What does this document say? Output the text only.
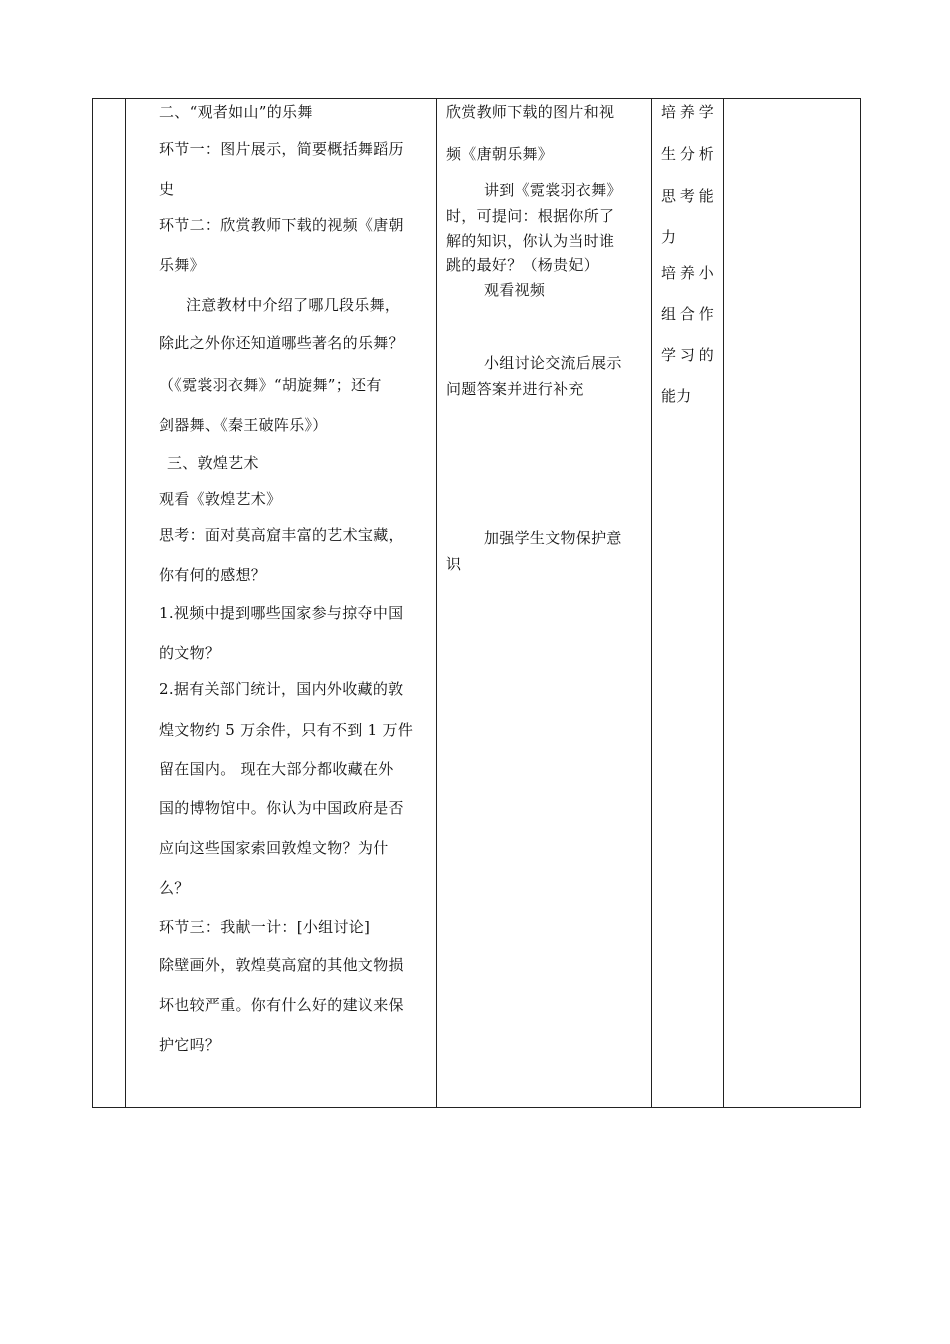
二、“观者如山”的乐舞
环节一：图片展示，简要概括舞蹈历
史
环节二：欣赏教师下载的视频《唐朝
乐舞》
注意教材中介绍了哪几段乐舞，
除此之外你还知道哪些著名的乐舞？
（《霓裳羽衣舞》“胡旋舞”；还有
剑器舞、《秦王破阵乐》）
三、敦煌艺术
观看《敦煌艺术》
思考：面对莫高窟丰富的艺术宝藏，
你有何的感想？
1.视频中提到哪些国家参与掠夺中国
的文物？
2.据有关部门统计，国内外收藏的敦
煌文物约 5 万余件，只有不到 1 万件
留在国内。 现在大部分都收藏在外
国的博物馆中。你认为中国政府是否
应向这些国家索回敦煌文物？为什
么？
环节三：我献一计：[小组讨论]
除壁画外，敦煌莫高窟的其他文物损
坏也较严重。你有什么好的建议来保
护它吗？
欣赏教师下载的图片和视
频《唐朝乐舞》
讲到《霓裳羽衣舞》
时，可提问：根据你所了
解的知识，你认为当时谁
跳的最好？（杨贵妃）
观看视频
小组讨论交流后展示
问题答案并进行补充
加强学生文物保护意
识
培 养 学
生 分 析
思 考 能
力
培 养 小
组 合 作
学 习 的
能力
